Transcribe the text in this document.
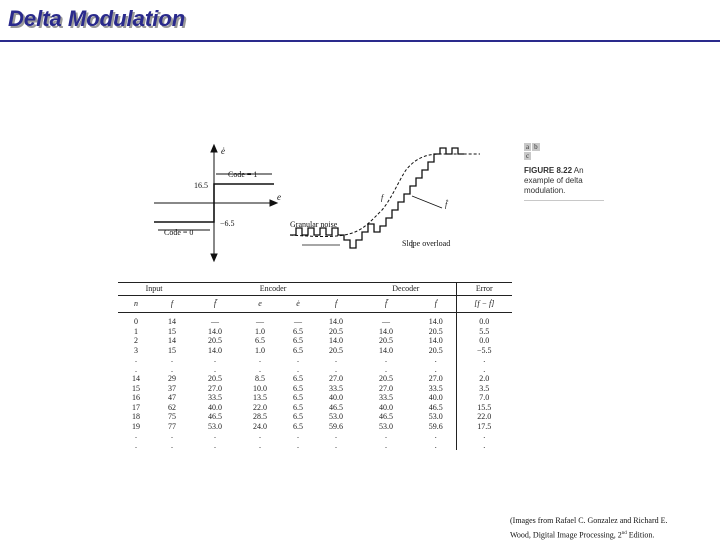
Delta Modulation
ė
e
Code = 1
Code = 0
16.5
−6.5	Granular noise
Slope overload
f
f̂
a b
c
FIGURE 8.22 An example of delta modulation.
Input		Encoder				Decoder		Error
n	f	f̃	e	ė	ḟ	f̃	ḟ	[f − ḟ]

0	14	—	—	—	14.0	—	14.0	0.0
1	15	14.0	1.0	6.5	20.5	14.0	20.5	5.5
2	14	20.5	6.5	6.5	14.0	20.5	14.0	0.0
3	15	14.0	1.0	6.5	20.5	14.0	20.5	−5.5
.	.	.	.	.	.	.	.	.
.	.	.	.	.	.	.	.	.
14	29	20.5	8.5	6.5	27.0	20.5	27.0	2.0
15	37	27.0	10.0	6.5	33.5	27.0	33.5	3.5
16	47	33.5	13.5	6.5	40.0	33.5	40.0	7.0
17	62	40.0	22.0	6.5	46.5	40.0	46.5	15.5
18	75	46.5	28.5	6.5	53.0	46.5	53.0	22.0
19	77	53.0	24.0	6.5	59.6	53.0	59.6	17.5
.	.	.	.	.	.	.	.	.
.	.	.	.	.	.	.	.	.
(Images from Rafael C. Gonzalez and Richard E.
Wood, Digital Image Processing, 2nd Edition.
